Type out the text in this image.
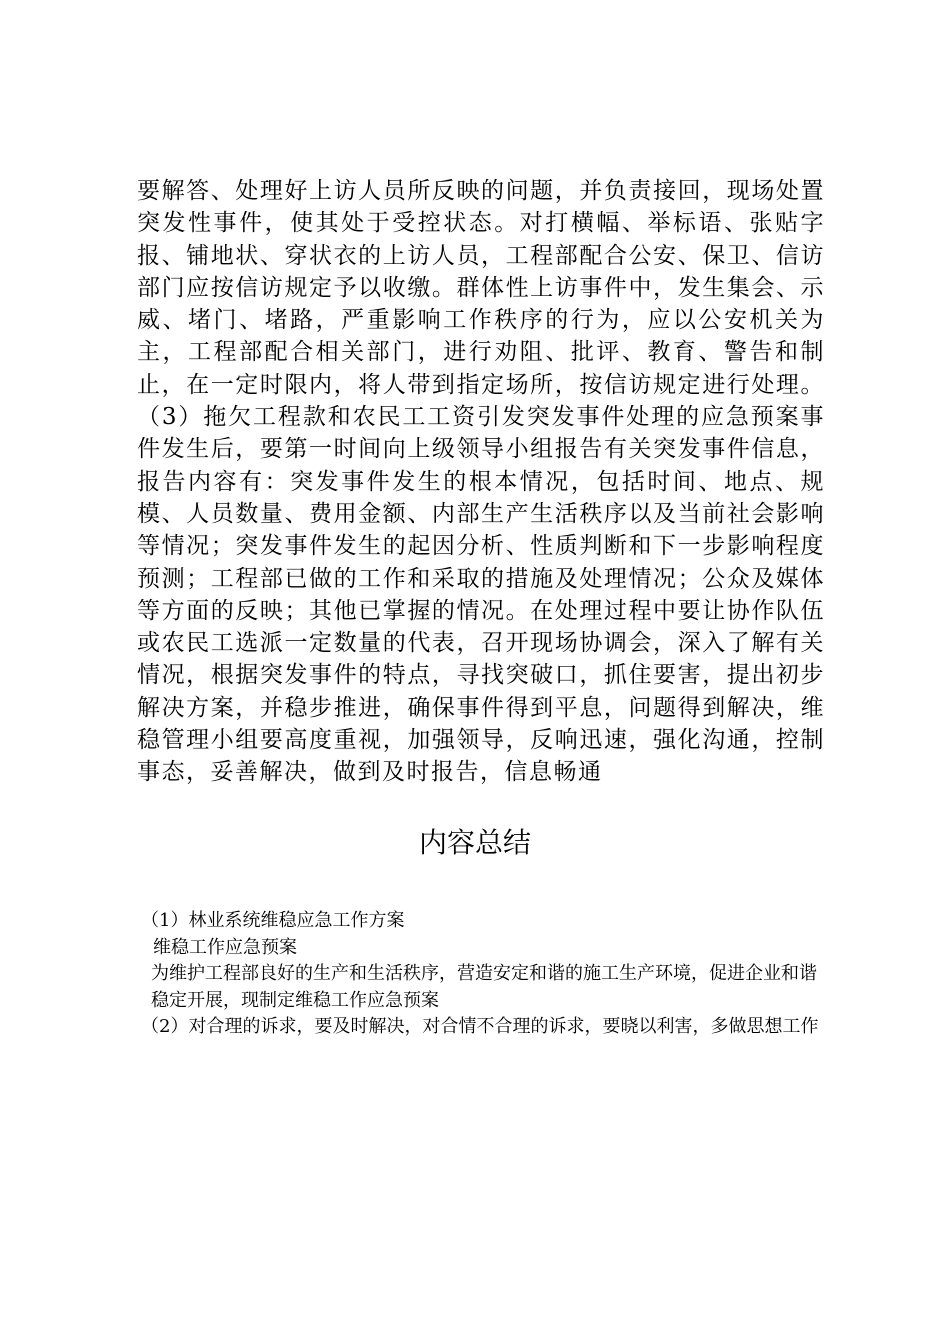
要解答、处理好上访人员所反映的问题，并负责接回，现场处置突发性事件，使其处于受控状态。对打横幅、举标语、张贴字报、铺地状、穿状衣的上访人员，工程部配合公安、保卫、信访部门应按信访规定予以收缴。群体性上访事件中，发生集会、示威、堵门、堵路，严重影响工作秩序的行为，应以公安机关为主，工程部配合相关部门，进行劝阻、批评、教育、警告和制止，在一定时限内，将人带到指定场所，按信访规定进行处理。（3）拖欠工程款和农民工工资引发突发事件处理的应急预案事件发生后，要第一时间向上级领导小组报告有关突发事件信息，报告内容有：突发事件发生的根本情况，包括时间、地点、规模、人员数量、费用金额、内部生产生活秩序以及当前社会影响等情况；突发事件发生的起因分析、性质判断和下一步影响程度预测；工程部已做的工作和采取的措施及处理情况；公众及媒体等方面的反映；其他已掌握的情况。在处理过程中要让协作队伍或农民工选派一定数量的代表，召开现场协调会，深入了解有关情况，根据突发事件的特点，寻找突破口，抓住要害，提出初步解决方案，并稳步推进，确保事件得到平息，问题得到解决，维稳管理小组要高度重视，加强领导，反响迅速，强化沟通，控制事态，妥善解决，做到及时报告，信息畅通

内容总结

（1）林业系统维稳应急工作方案

维稳工作应急预案

为维护工程部良好的生产和生活秩序，营造安定和谐的施工生产环境，促进企业和谐稳定开展，现制定维稳工作应急预案

（2）对合理的诉求，要及时解决，对合情不合理的诉求，要晓以利害，多做思想工作
